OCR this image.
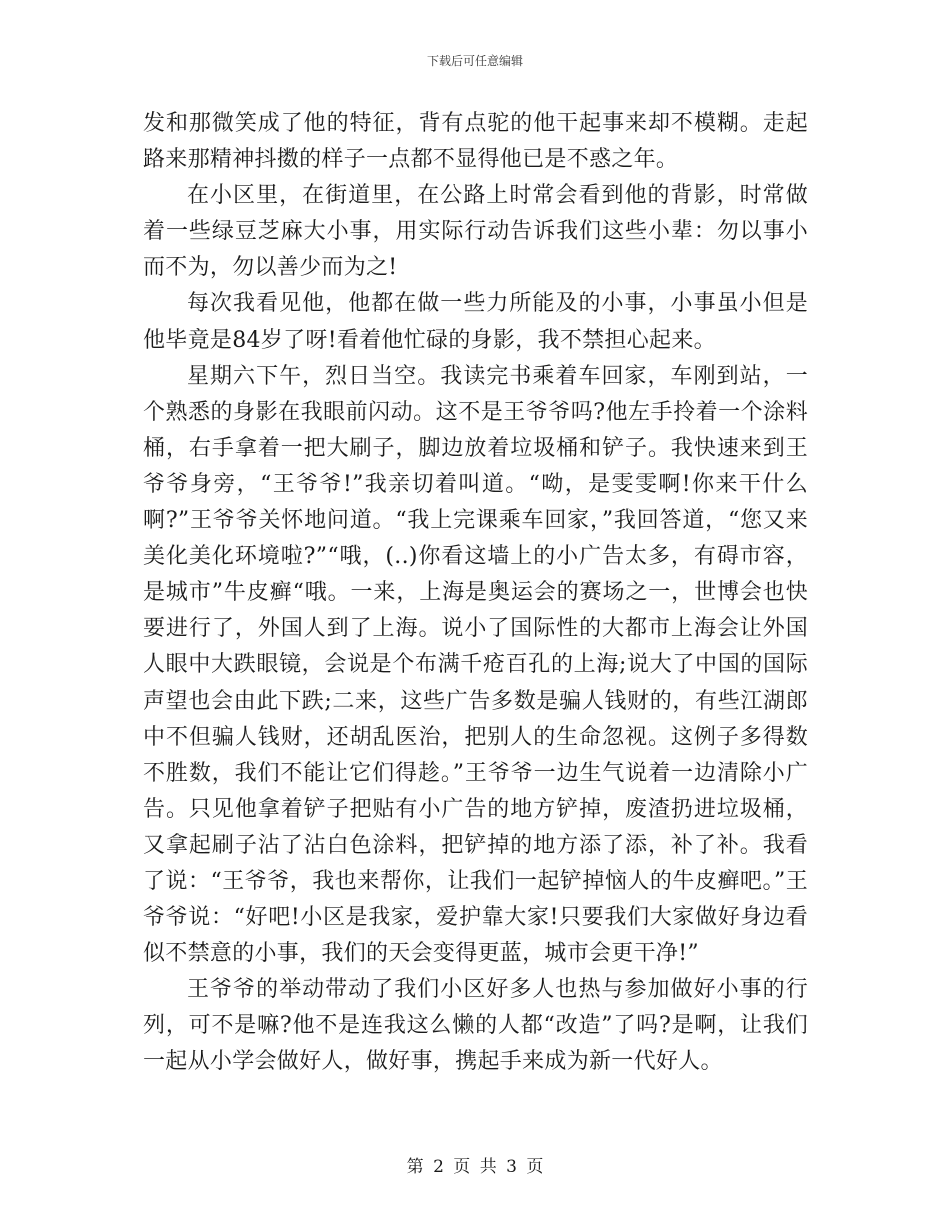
下载后可任意编辑

发和那微笑成了他的特征，背有点驼的他干起事来却不模糊。走起路来那精神抖擞的样子一点都不显得他已是不惑之年。

在小区里，在街道里，在公路上时常会看到他的背影，时常做着一些绿豆芝麻大小事，用实际行动告诉我们这些小辈：勿以事小而不为，勿以善少而为之!

每次我看见他，他都在做一些力所能及的小事，小事虽小但是他毕竟是84岁了呀!看着他忙碌的身影，我不禁担心起来。

星期六下午，烈日当空。我读完书乘着车回家，车刚到站，一个熟悉的身影在我眼前闪动。这不是王爷爷吗?他左手拎着一个涂料桶，右手拿着一把大刷子，脚边放着垃圾桶和铲子。我快速来到王爷爷身旁，“王爷爷!”我亲切着叫道。“呦，是雯雯啊!你来干什么啊?”王爷爷关怀地问道。“我上完课乘车回家，”我回答道，“您又来美化美化环境啦?”“哦，(..)你看这墙上的小广告太多，有碍市容，是城市”牛皮癣“哦。一来，上海是奥运会的赛场之一，世博会也快要进行了，外国人到了上海。说小了国际性的大都市上海会让外国人眼中大跌眼镜，会说是个布满千疮百孔的上海;说大了中国的国际声望也会由此下跌;二来，这些广告多数是骗人钱财的，有些江湖郎中不但骗人钱财，还胡乱医治，把别人的生命忽视。这例子多得数不胜数，我们不能让它们得趁。”王爷爷一边生气说着一边清除小广告。只见他拿着铲子把贴有小广告的地方铲掉，废渣扔进垃圾桶，又拿起刷子沾了沾白色涂料，把铲掉的地方添了添，补了补。我看了说：“王爷爷，我也来帮你，让我们一起铲掉恼人的牛皮癣吧。”王爷爷说：“好吧!小区是我家，爱护靠大家!只要我们大家做好身边看似不禁意的小事，我们的天会变得更蓝，城市会更干净!”

王爷爷的举动带动了我们小区好多人也热与参加做好小事的行列，可不是嘛?他不是连我这么懒的人都“改造”了吗?是啊，让我们一起从小学会做好人，做好事，携起手来成为新一代好人。

第 2 页 共 3 页
